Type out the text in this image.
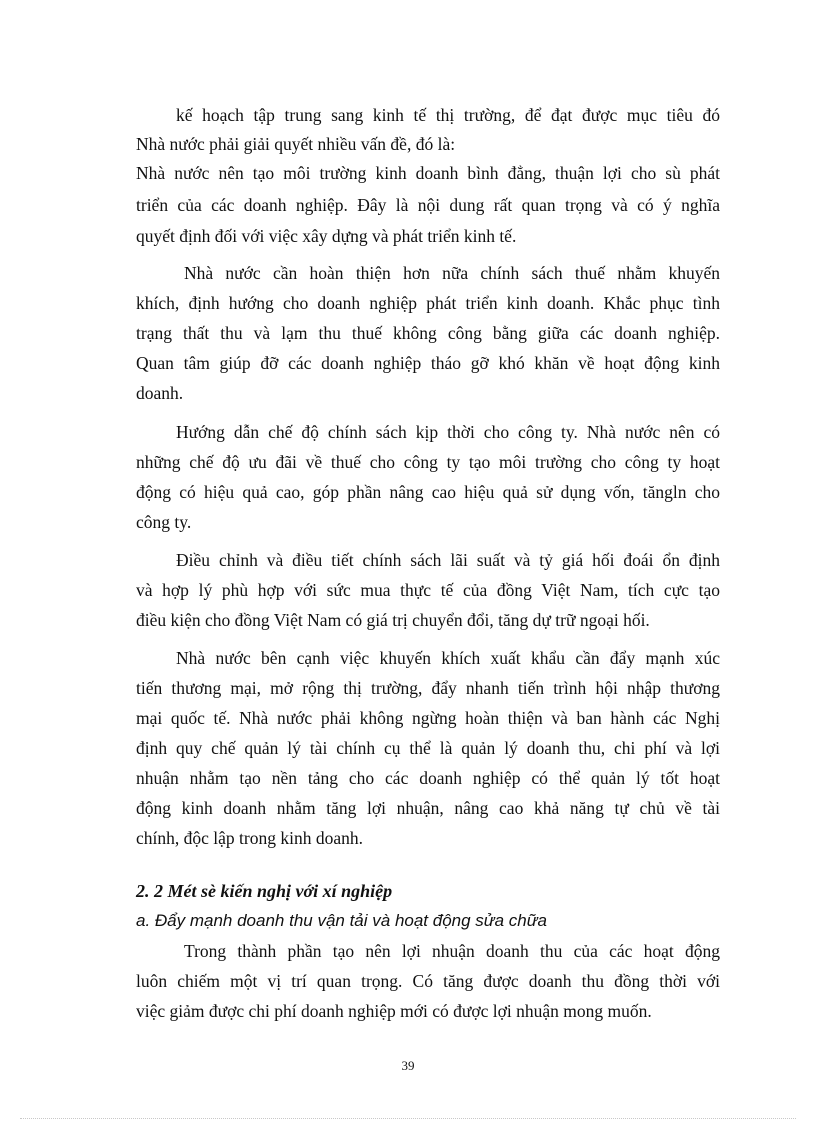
kế hoạch tập trung sang kinh tế thị trường, để đạt được mục tiêu đó
Nhà nước phải giải quyết nhiều vấn đề, đó là:
Nhà nước nên tạo môi trường kinh doanh bình đẳng, thuận lợi cho sù phát
triển của các doanh nghiệp. Đây là nội dung rất quan trọng và có ý nghĩa
quyết định đối với việc xây dựng và phát triển kinh tế.
Nhà nước cần hoàn thiện hơn nữa chính sách thuế nhằm khuyến
khích, định hướng cho doanh nghiệp phát triển kinh doanh. Khắc phục tình
trạng thất thu và lạm thu thuế không công bằng giữa các doanh nghiệp.
Quan tâm giúp đỡ các doanh nghiệp tháo gỡ khó khăn về hoạt động kinh
doanh.
Hướng dẫn chế độ chính sách kịp thời cho công ty. Nhà nước nên có
những chế độ ưu đãi về thuế cho công ty tạo môi trường cho công ty hoạt
động có hiệu quả cao, góp phần nâng cao hiệu quả sử dụng vốn, tăngln cho
công ty.
Điều chỉnh và điều tiết chính sách lãi suất và tỷ giá hối đoái ổn định
và hợp lý phù hợp với sức mua thực tế của đồng Việt Nam, tích cực tạo
điều kiện cho đồng Việt Nam có giá trị chuyển đổi, tăng dự trữ ngoại hối.
Nhà nước bên cạnh việc khuyến khích xuất khẩu cần đẩy mạnh xúc
tiến thương mại, mở rộng thị trường, đẩy nhanh tiến trình hội nhập thương
mại quốc tế. Nhà nước phải không ngừng hoàn thiện và ban hành các Nghị
định quy chế quản lý tài chính cụ thể là quản lý doanh thu, chi phí và lợi
nhuận nhằm tạo nền tảng cho các doanh nghiệp có thể quản lý tốt hoạt
động kinh doanh nhằm tăng lợi nhuận, nâng cao khả năng tự chủ về tài
chính, độc lập trong kinh doanh.
2. 2 Mét sè kiến nghị với xí nghiệp
a. Đẩy mạnh doanh thu vận tải và hoạt động sửa chữa
Trong thành phần tạo nên lợi nhuận doanh thu của các hoạt động
luôn chiếm một vị trí quan trọng. Có tăng được doanh thu đồng thời với
việc giảm được chi phí doanh nghiệp mới có được lợi nhuận mong muốn.
39
